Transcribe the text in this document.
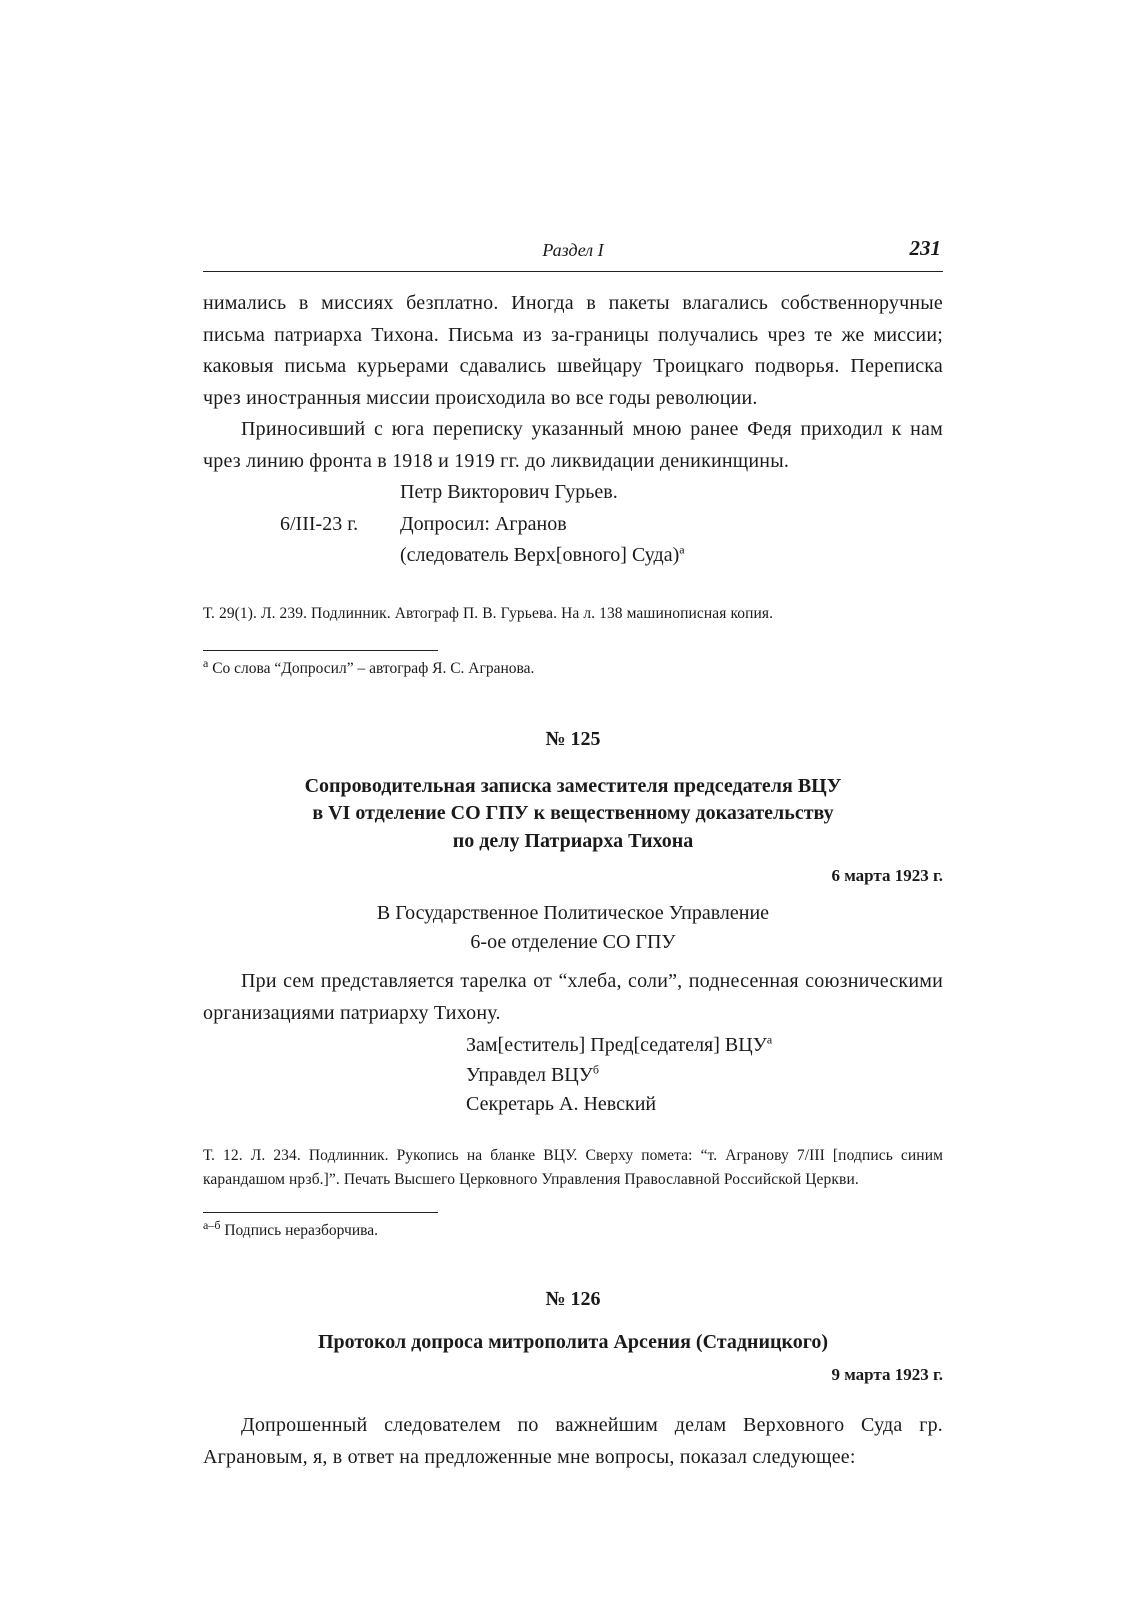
Раздел I	231

нимались в миссиях безплатно. Иногда в пакеты влагались собственноручные письма патриарха Тихона. Письма из за-границы получались чрез те же миссии; каковыя письма курьерами сдавались швейцару Троицкаго подворья. Переписка чрез иностранныя миссии происходила во все годы революции.

Приносивший с юга переписку указанный мною ранее Федя приходил к нам чрез линию фронта в 1918 и 1919 гг. до ликвидации деникинщины.

Петр Викторович Гурьев.
6/III-23 г.	Допросил: Агранов
(следователь Верх[овного] Суда)$^а$

Т. 29(1). Л. 239. Подлинник. Автограф П. В. Гурьева. На л. 138 машинописная копия.

$^а$ Со слова “Допросил” – автограф Я. С. Агранова.

№ 125
Сопроводительная записка заместителя председателя ВЦУ
в VI отделение СО ГПУ к вещественному доказательству
по делу Патриарха Тихона
6 марта 1923 г.
В Государственное Политическое Управление
6-ое отделение СО ГПУ

При сем представляется тарелка от “хлеба, соли”, поднесенная союзническими организациями патриарху Тихону.

Зам[еститель] Пред[седателя] ВЦУ$^а$
Управдел ВЦУ$^б$
Секретарь А. Невский

Т. 12. Л. 234. Подлинник. Рукопись на бланке ВЦУ. Сверху помета: “т. Агранову 7/III [подпись синим карандашом нрзб.]”. Печать Высшего Церковного Управления Православной Российской Церкви.

$^{а-б}$ Подпись неразборчива.

№ 126
Протокол допроса митрополита Арсения (Стадницкого)
9 марта 1923 г.

Допрошенный следователем по важнейшим делам Верховного Суда гр. Аграновым, я, в ответ на предложенные мне вопросы, показал следующее:
